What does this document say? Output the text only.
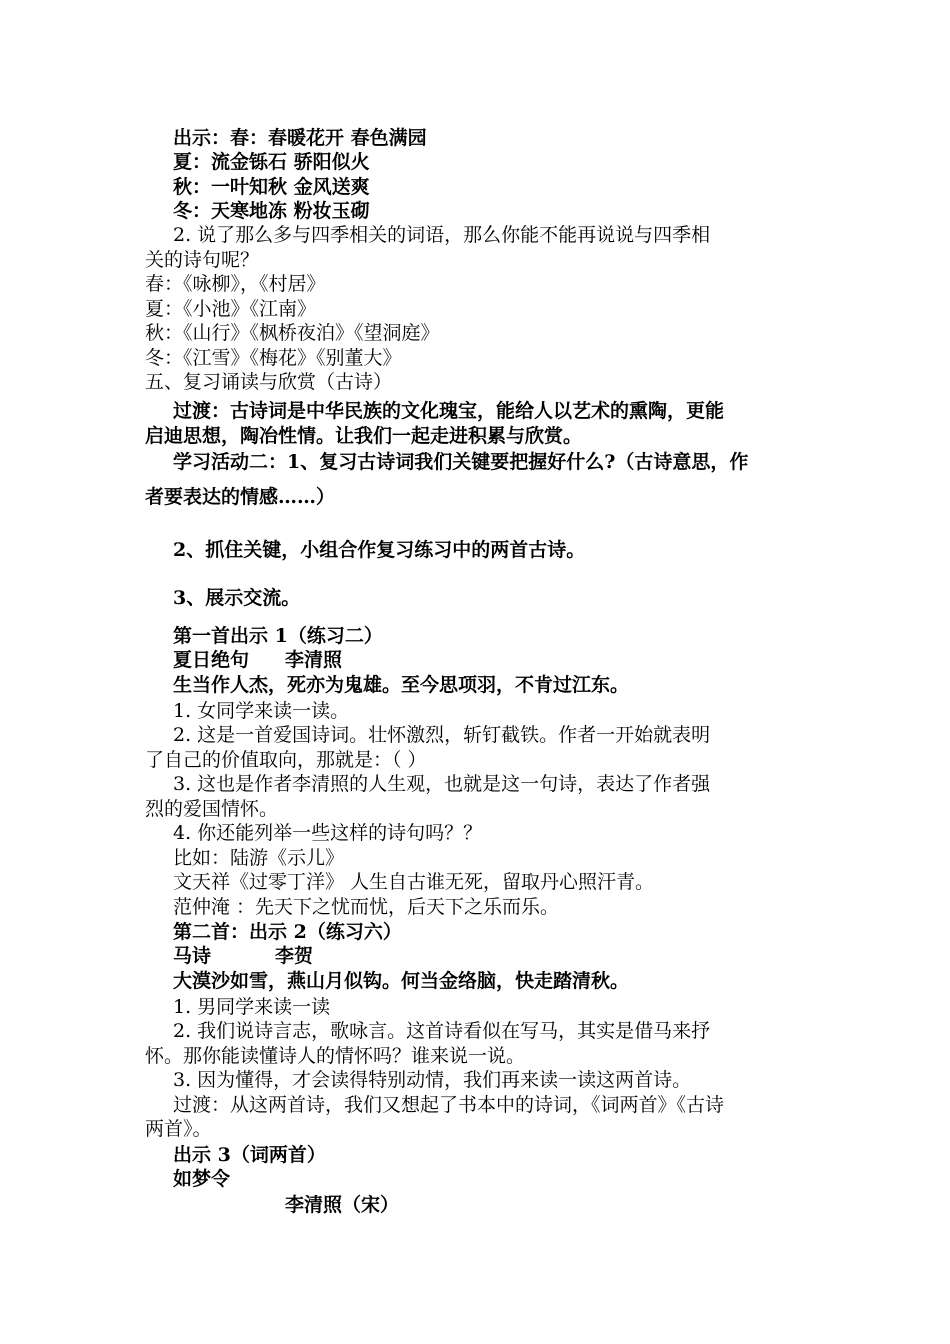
出示：春：春暖花开 春色满园
夏：流金铄石 骄阳似火
秋：一叶知秋 金风送爽
冬：天寒地冻 粉妆玉砌
2. 说了那么多与四季相关的词语，那么你能不能再说说与四季相
关的诗句呢？
春：《咏柳》，《村居》
夏：《小池》《江南》
秋：《山行》《枫桥夜泊》《望洞庭》
冬：《江雪》《梅花》《别董大》
五、复习诵读与欣赏（古诗）
过渡：古诗词是中华民族的文化瑰宝，能给人以艺术的熏陶，更能
启迪思想，陶冶性情。让我们一起走进积累与欣赏。
学习活动二：1、复习古诗词我们关键要把握好什么?（古诗意思，作
者要表达的情感……）
2、抓住关键，小组合作复习练习中的两首古诗。
3、展示交流。
第一首出示 1（练习二）
夏日绝句 李清照
生当作人杰，死亦为鬼雄。至今思项羽，不肯过江东。
1. 女同学来读一读。
2. 这是一首爱国诗词。壮怀激烈，斩钉截铁。作者一开始就表明
了自己的价值取向，那就是：（ ）
3. 这也是作者李清照的人生观，也就是这一句诗，表达了作者强
烈的爱国情怀。
4. 你还能列举一些这样的诗句吗？？
比如：陆游《示儿》
文天祥《过零丁洋》 人生自古谁无死，留取丹心照汗青。
范仲淹 ：先天下之忧而忧，后天下之乐而乐。
第二首：出示 2（练习六）
马诗	李贺
大漠沙如雪，燕山月似钩。何当金络脑，快走踏清秋。
1. 男同学来读一读
2. 我们说诗言志，歌咏言。这首诗看似在写马，其实是借马来抒
怀。那你能读懂诗人的情怀吗？谁来说一说。
3. 因为懂得，才会读得特别动情，我们再来读一读这两首诗。
过渡：从这两首诗，我们又想起了书本中的诗词，《词两首》《古诗
两首》。
出示 3（词两首）
如梦令
李清照（宋）
